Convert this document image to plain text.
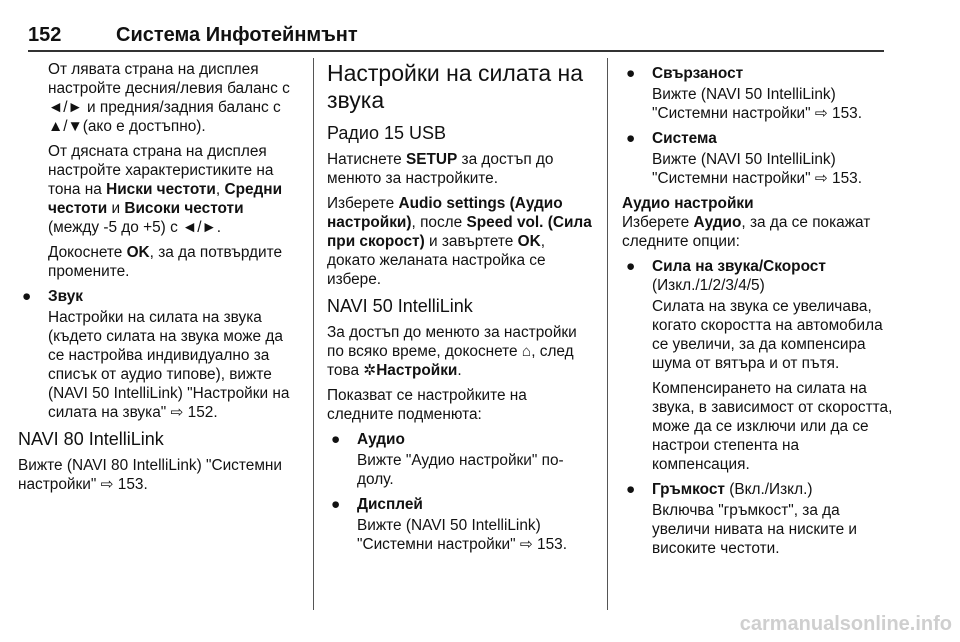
152	Система Инфотейнмънт

От лявата страна на дисплея настройте десния/левия баланс с ◄/► и предния/задния баланс с ▲/▼(ако е достъпно).

От дясната страна на дисплея настройте характеристиките на тона на Ниски честоти, Средни честоти и Високи честоти (между -5 до +5) с ◄/►.

Докоснете OK, за да потвърдите промените.

● Звук

Настройки на силата на звука (където силата на звука може да се настройва индивидуално за списък от аудио типове), вижте (NAVI 50 IntelliLink) "Настройки на силата на звука" ⇨ 152.

NAVI 80 IntelliLink

Вижте (NAVI 80 IntelliLink) "Системни настройки" ⇨ 153.

Настройки на силата на звука
Радио 15 USB

Натиснете SETUP за достъп до менюто за настройките.

Изберете Audio settings (Аудио настройки), после Speed vol. (Сила при скорост) и завъртете OK, докато желаната настройка се избере.

NAVI 50 IntelliLink

За достъп до менюто за настройки по всяко време, докоснете ⌂, след това ✲Настройки.

Показват се настройките на следните подменюта:

● Аудио

Вижте "Аудио настройки" по-долу.

● Дисплей

Вижте (NAVI 50 IntelliLink) "Системни настройки" ⇨ 153.

● Свързаност

Вижте (NAVI 50 IntelliLink) "Системни настройки" ⇨ 153.

● Система

Вижте (NAVI 50 IntelliLink) "Системни настройки" ⇨ 153.

Аудио настройки

Изберете Аудио, за да се покажат следните опции:

● Сила на звука/Скорост (Изкл./1/2/3/4/5)

Силата на звука се увеличава, когато скоростта на автомобила се увеличи, за да компенсира шума от вятъра и от пътя.

Компенсирането на силата на звука, в зависимост от скоростта, може да се изключи или да се настрои степента на компенсация.

● Гръмкост (Вкл./Изкл.)

Включва "гръмкост", за да увеличи нивата на ниските и високите честоти.

carmanualsonline.info
